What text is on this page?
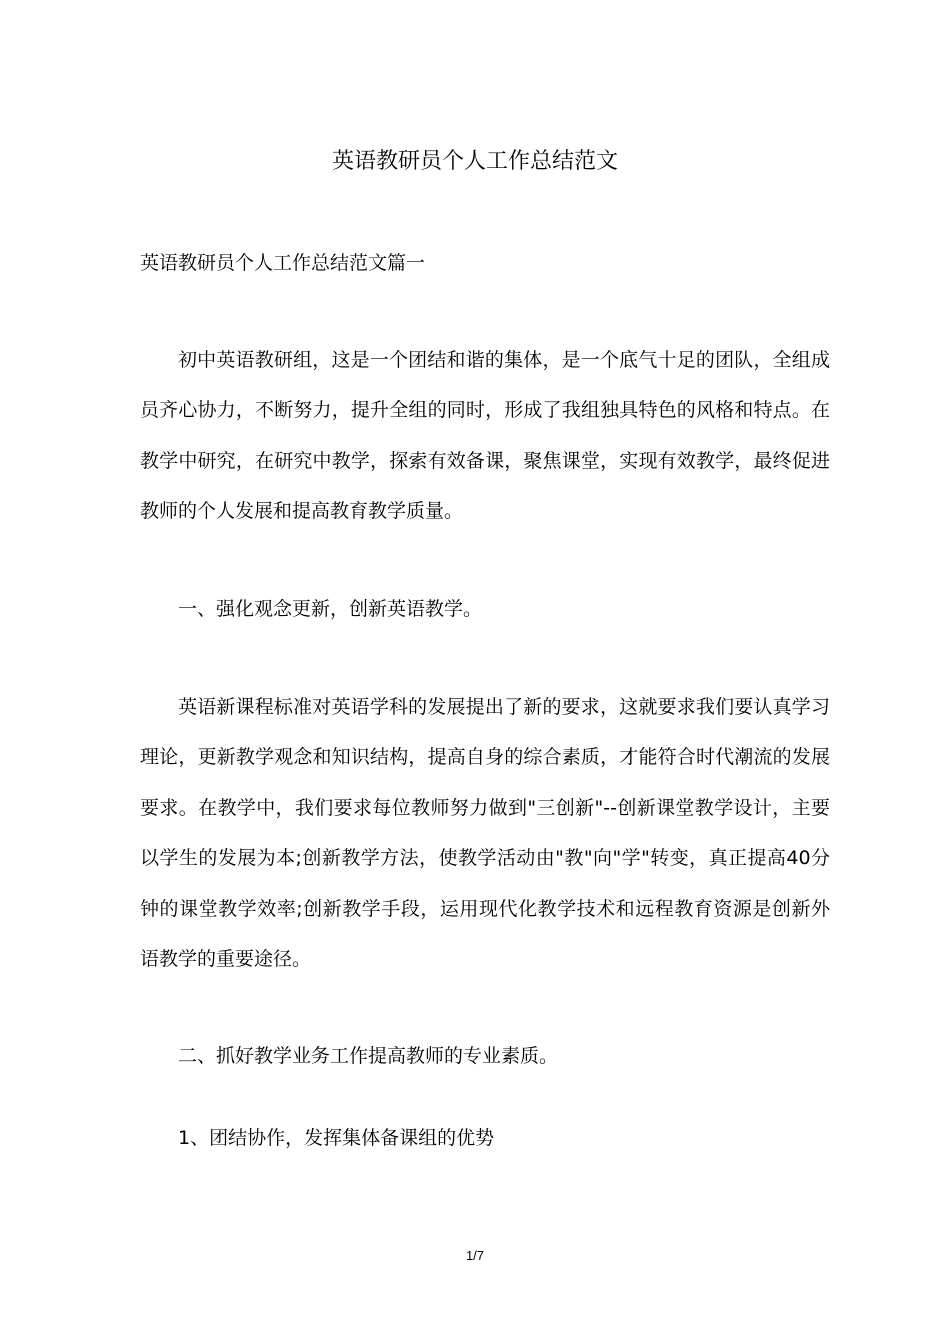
英语教研员个人工作总结范文

英语教研员个人工作总结范文篇一

初中英语教研组，这是一个团结和谐的集体，是一个底气十足的团队，全组成员齐心协力，不断努力，提升全组的同时，形成了我组独具特色的风格和特点。在教学中研究，在研究中教学，探索有效备课，聚焦课堂，实现有效教学，最终促进教师的个人发展和提高教育教学质量。

一、强化观念更新，创新英语教学。

英语新课程标准对英语学科的发展提出了新的要求，这就要求我们要认真学习理论，更新教学观念和知识结构，提高自身的综合素质，才能符合时代潮流的发展要求。在教学中，我们要求每位教师努力做到"三创新"--创新课堂教学设计，主要以学生的发展为本;创新教学方法，使教学活动由"教"向"学"转变，真正提高40分钟的课堂教学效率;创新教学手段，运用现代化教学技术和远程教育资源是创新外语教学的重要途径。

二、抓好教学业务工作提高教师的专业素质。

1、团结协作，发挥集体备课组的优势

1/7
